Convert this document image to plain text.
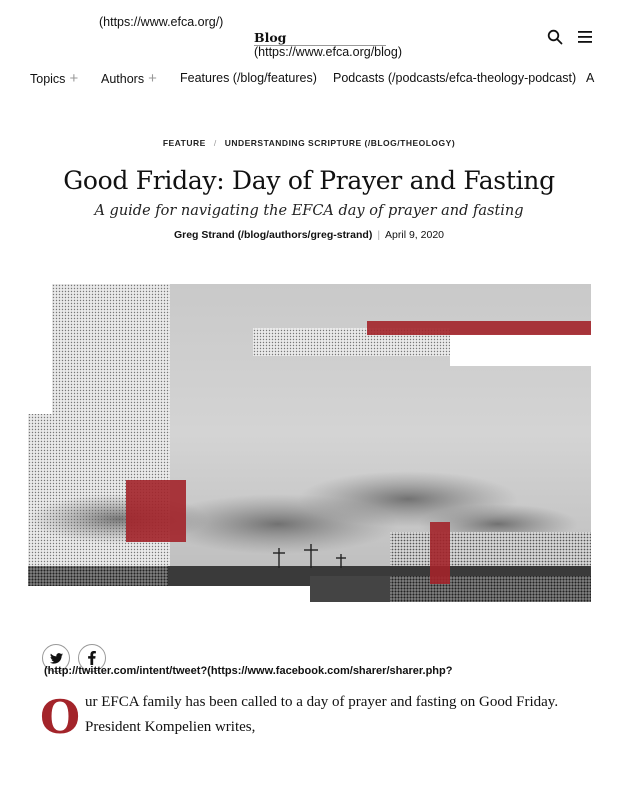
(https://www.efca.org/)
Blog
(https://www.efca.org/blog)
Topics + Authors + Features (/blog/features) Podcasts (/podcasts/efca-theology-podcast) A
FEATURE / UNDERSTANDING SCRIPTURE (/BLOG/THEOLOGY)
Good Friday: Day of Prayer and Fasting
A guide for navigating the EFCA day of prayer and fasting
Greg Strand (/blog/authors/greg-strand) | April 9, 2020
(http://twitter.com/intent/tweet?(https://www.facebook.com/sharer/sharer.php?
O ur EFCA family has been called to a day of prayer and fasting on Good Friday.
President Kompelien writes,
